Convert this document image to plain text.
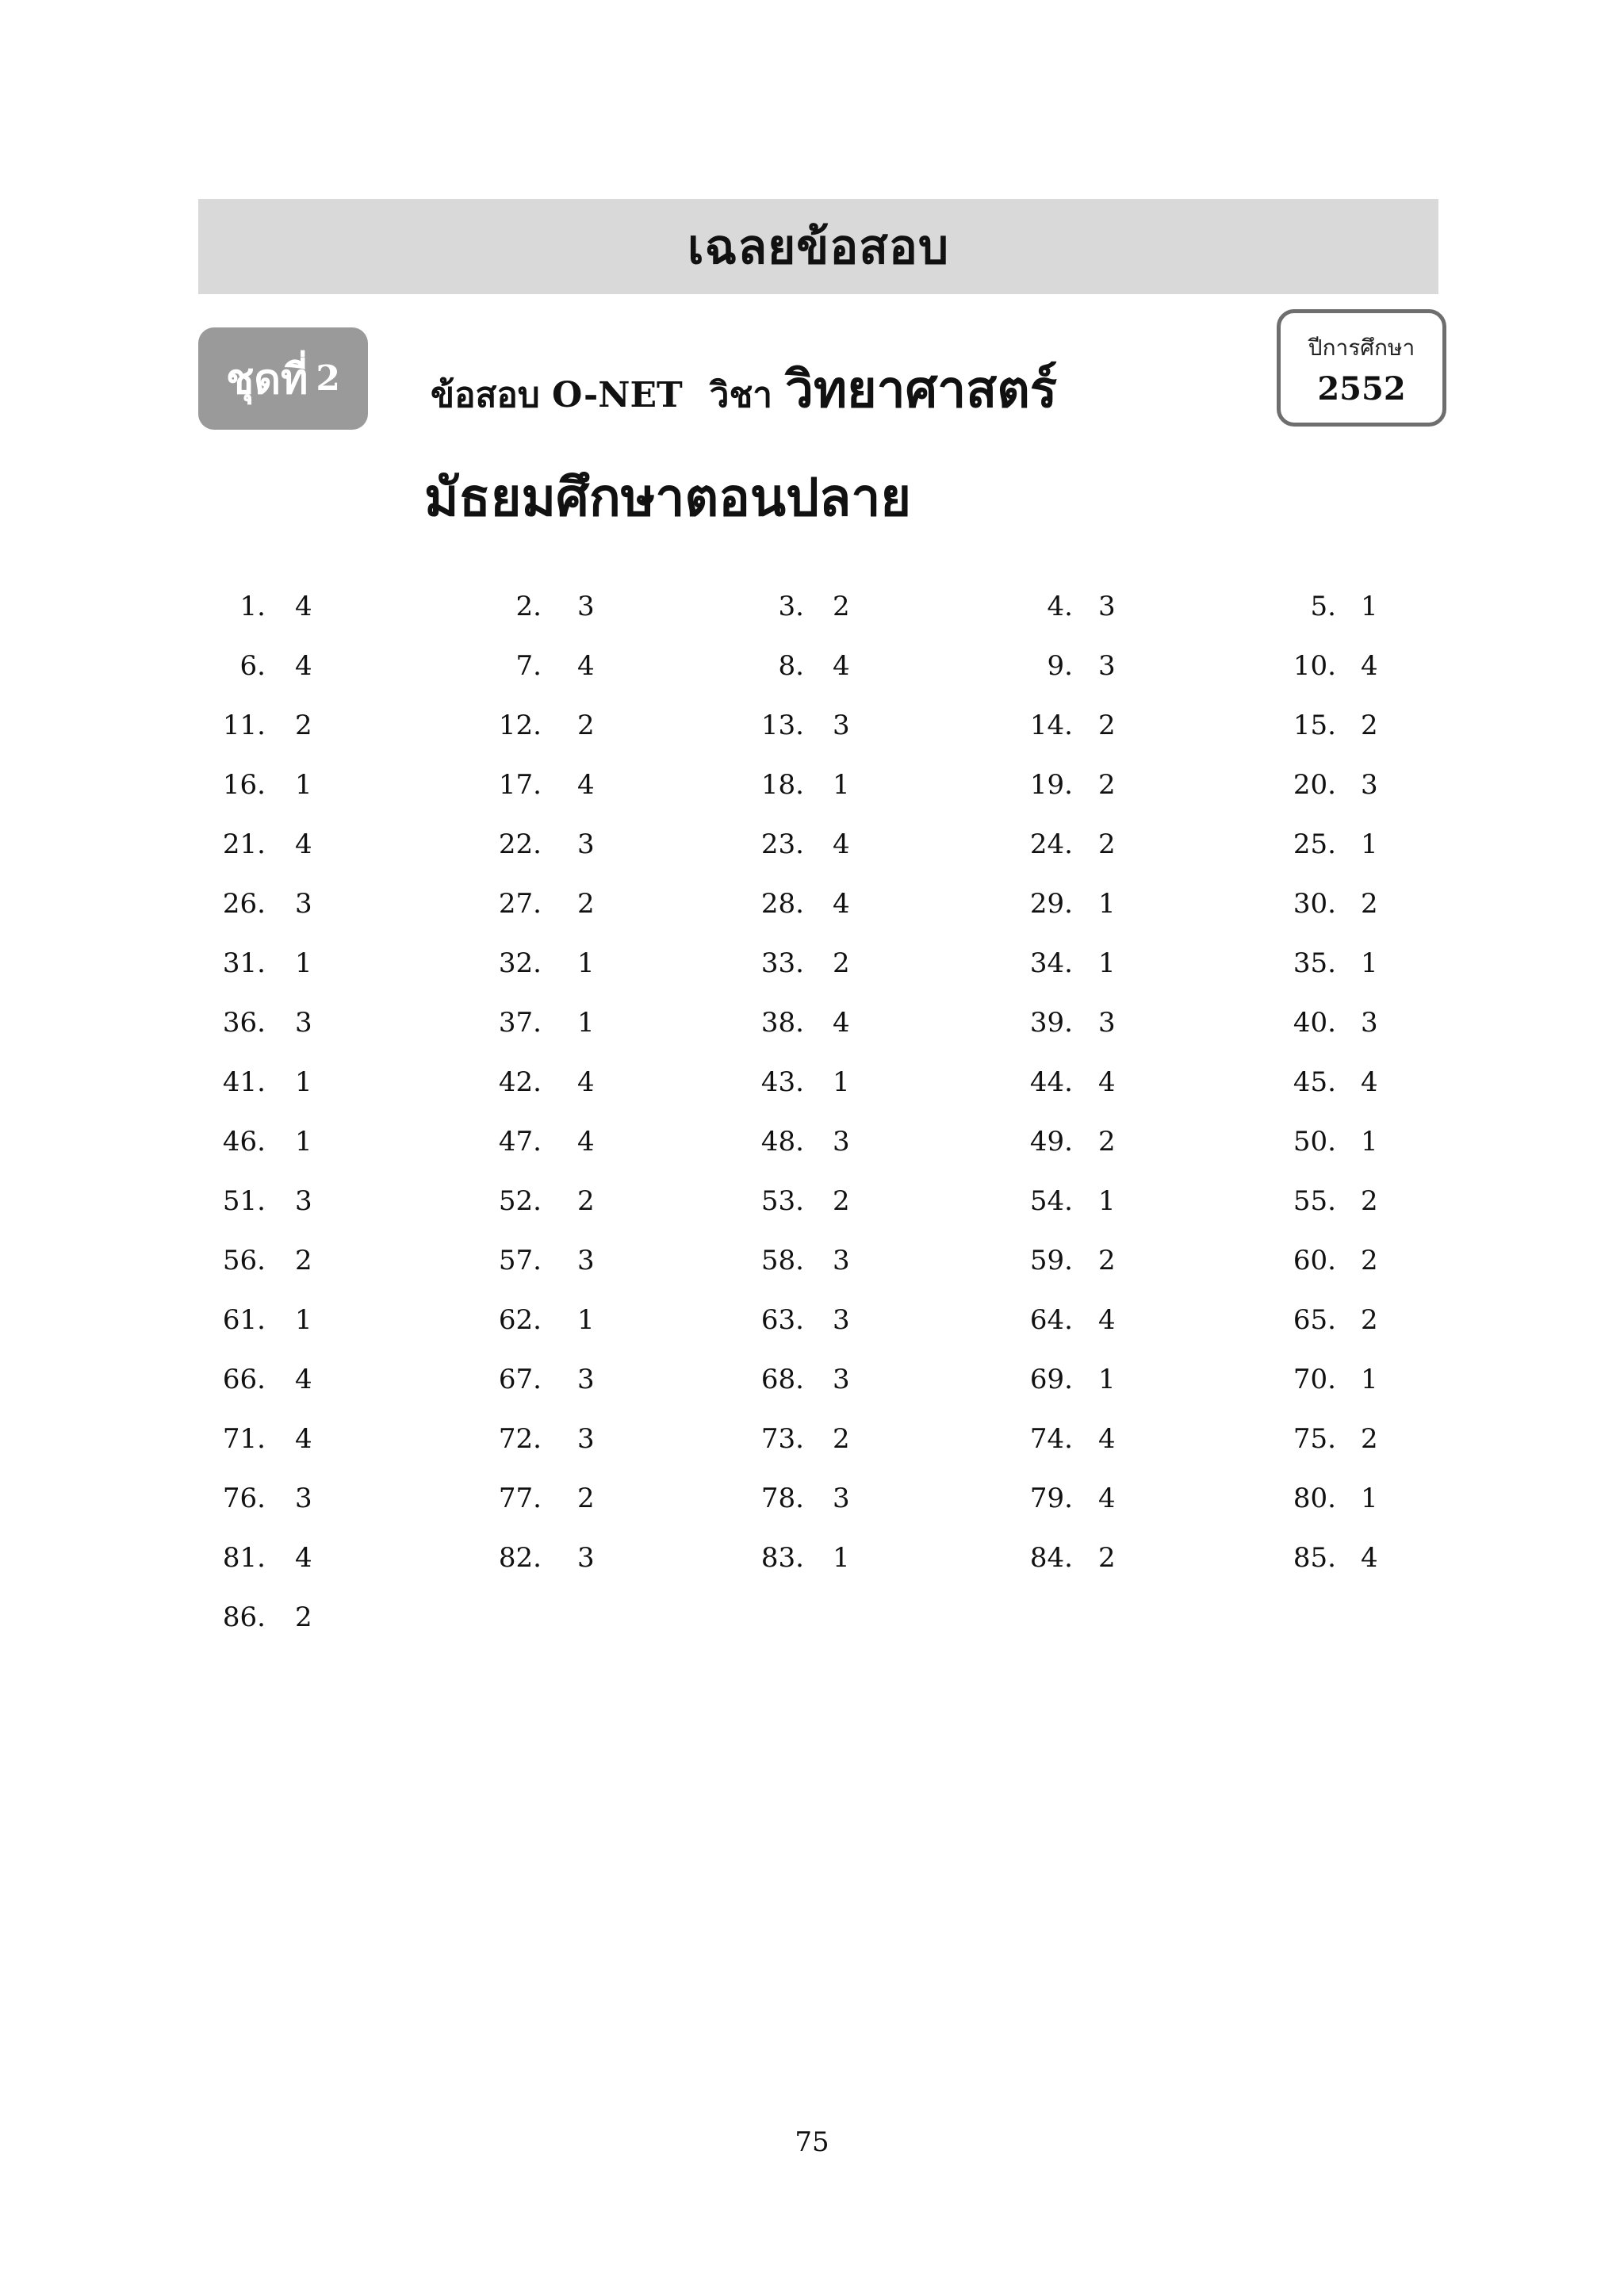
เฉลยข้อสอบ
ชุดที่ 2	ข้อสอบ O-NET วิชา วิทยาศาสตร์
มัธยมศึกษาตอนปลาย
ปีการศึกษา
2552
1. 4	2. 3	3. 2	4. 3	5. 1
6. 4	7. 4	8. 4	9. 3	10. 4
11. 2	12. 2	13. 3	14. 2	15. 2
16. 1	17. 4	18. 1	19. 2	20. 3
21. 4	22. 3	23. 4	24. 2	25. 1
26. 3	27. 2	28. 4	29. 1	30. 2
31. 1	32. 1	33. 2	34. 1	35. 1
36. 3	37. 1	38. 4	39. 3	40. 3
41. 1	42. 4	43. 1	44. 4	45. 4
46. 1	47. 4	48. 3	49. 2	50. 1
51. 3	52. 2	53. 2	54. 1	55. 2
56. 2	57. 3	58. 3	59. 2	60. 2
61. 1	62. 1	63. 3	64. 4	65. 2
66. 4	67. 3	68. 3	69. 1	70. 1
71. 4	72. 3	73. 2	74. 4	75. 2
76. 3	77. 2	78. 3	79. 4	80. 1
81. 4	82. 3	83. 1	84. 2	85. 4
86. 2
75
